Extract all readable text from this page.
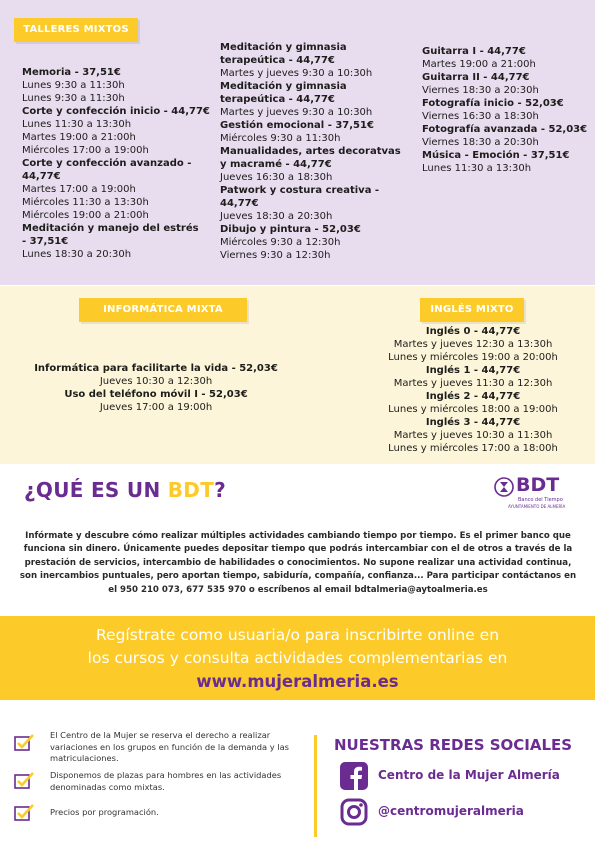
TALLERES MIXTOS
Memoria - 37,51€
Lunes 9:30 a 11:30h
Lunes 9:30 a 11:30h
Corte y confección inicio - 44,77€
Lunes 11:30 a 13:30h
Martes 19:00 a 21:00h
Miércoles 17:00 a 19:00h
Corte y confección avanzado - 44,77€
Martes 17:00 a 19:00h
Miércoles 11:30 a 13:30h
Miércoles 19:00 a 21:00h
Meditación y manejo del estrés
- 37,51€
Lunes 18:30 a 20:30h
Meditación y gimnasia
terapeútica - 44,77€
Martes y jueves 9:30 a 10:30h
Meditación y gimnasia
terapeútica - 44,77€
Martes y jueves 9:30 a 10:30h
Gestión emocional - 37,51€
Miércoles 9:30 a 11:30h
Manualidades, artes decoratvas
y macramé - 44,77€
Jueves 16:30 a 18:30h
Patwork y costura creativa - 44,77€
Jueves 18:30 a 20:30h
Dibujo y pintura - 52,03€
Miércoles 9:30 a 12:30h
Viernes 9:30 a 12:30h
Guitarra I - 44,77€
Martes 19:00 a 21:00h
Guitarra II - 44,77€
Viernes 18:30 a 20:30h
Fotografía inicio - 52,03€
Viernes 16:30 a 18:30h
Fotografía avanzada - 52,03€
Viernes 18:30 a 20:30h
Música - Emoción - 37,51€
Lunes 11:30 a 13:30h
INFORMÁTICA MIXTA
Informática para facilitarte la vida - 52,03€
Jueves 10:30 a 12:30h
Uso del teléfono móvil I - 52,03€
Jueves 17:00 a 19:00h
INGLÉS MIXTO
Inglés 0 - 44,77€
Martes y jueves 12:30 a 13:30h
Lunes y miércoles 19:00 a 20:00h
Inglés 1 - 44,77€
Martes y jueves 11:30 a 12:30h
Inglés 2 - 44,77€
Lunes y miércoles 18:00 a 19:00h
Inglés 3 - 44,77€
Martes y jueves 10:30 a 11:30h
Lunes y miércoles 17:00 a 18:00h
¿QUÉ ES UN BDT?	BDT
Banco del Tiempo
AYUNTAMIENTO DE ALMERÍA

Infórmate y descubre cómo realizar múltiples actividades cambiando tiempo por tiempo. Es el primer banco que funciona sin dinero. Únicamente puedes depositar tiempo que podrás intercambiar con el de otros a través de la prestación de servicios, intercambio de habilidades o conocimientos. No supone realizar una actividad continua, son inercambios puntuales, pero aportan tiempo, sabiduría, compañía, confianza... Para participar contáctanos en el 950 210 073, 677 535 970 o escríbenos al email bdtalmeria@aytoalmeria.es

Regístrate como usuaria/o para inscribirte online en
los cursos y consulta actividades complementarias en
www.mujeralmeria.es

El Centro de la Mujer se reserva el derecho a realizar variaciones en los grupos en función de la demanda y las matriculaciones.

Disponemos de plazas para hombres en las actividades denominadas como mixtas.

Precios por programación.

NUESTRAS REDES SOCIALES
Centro de la Mujer Almería
@centromujeralmeria
